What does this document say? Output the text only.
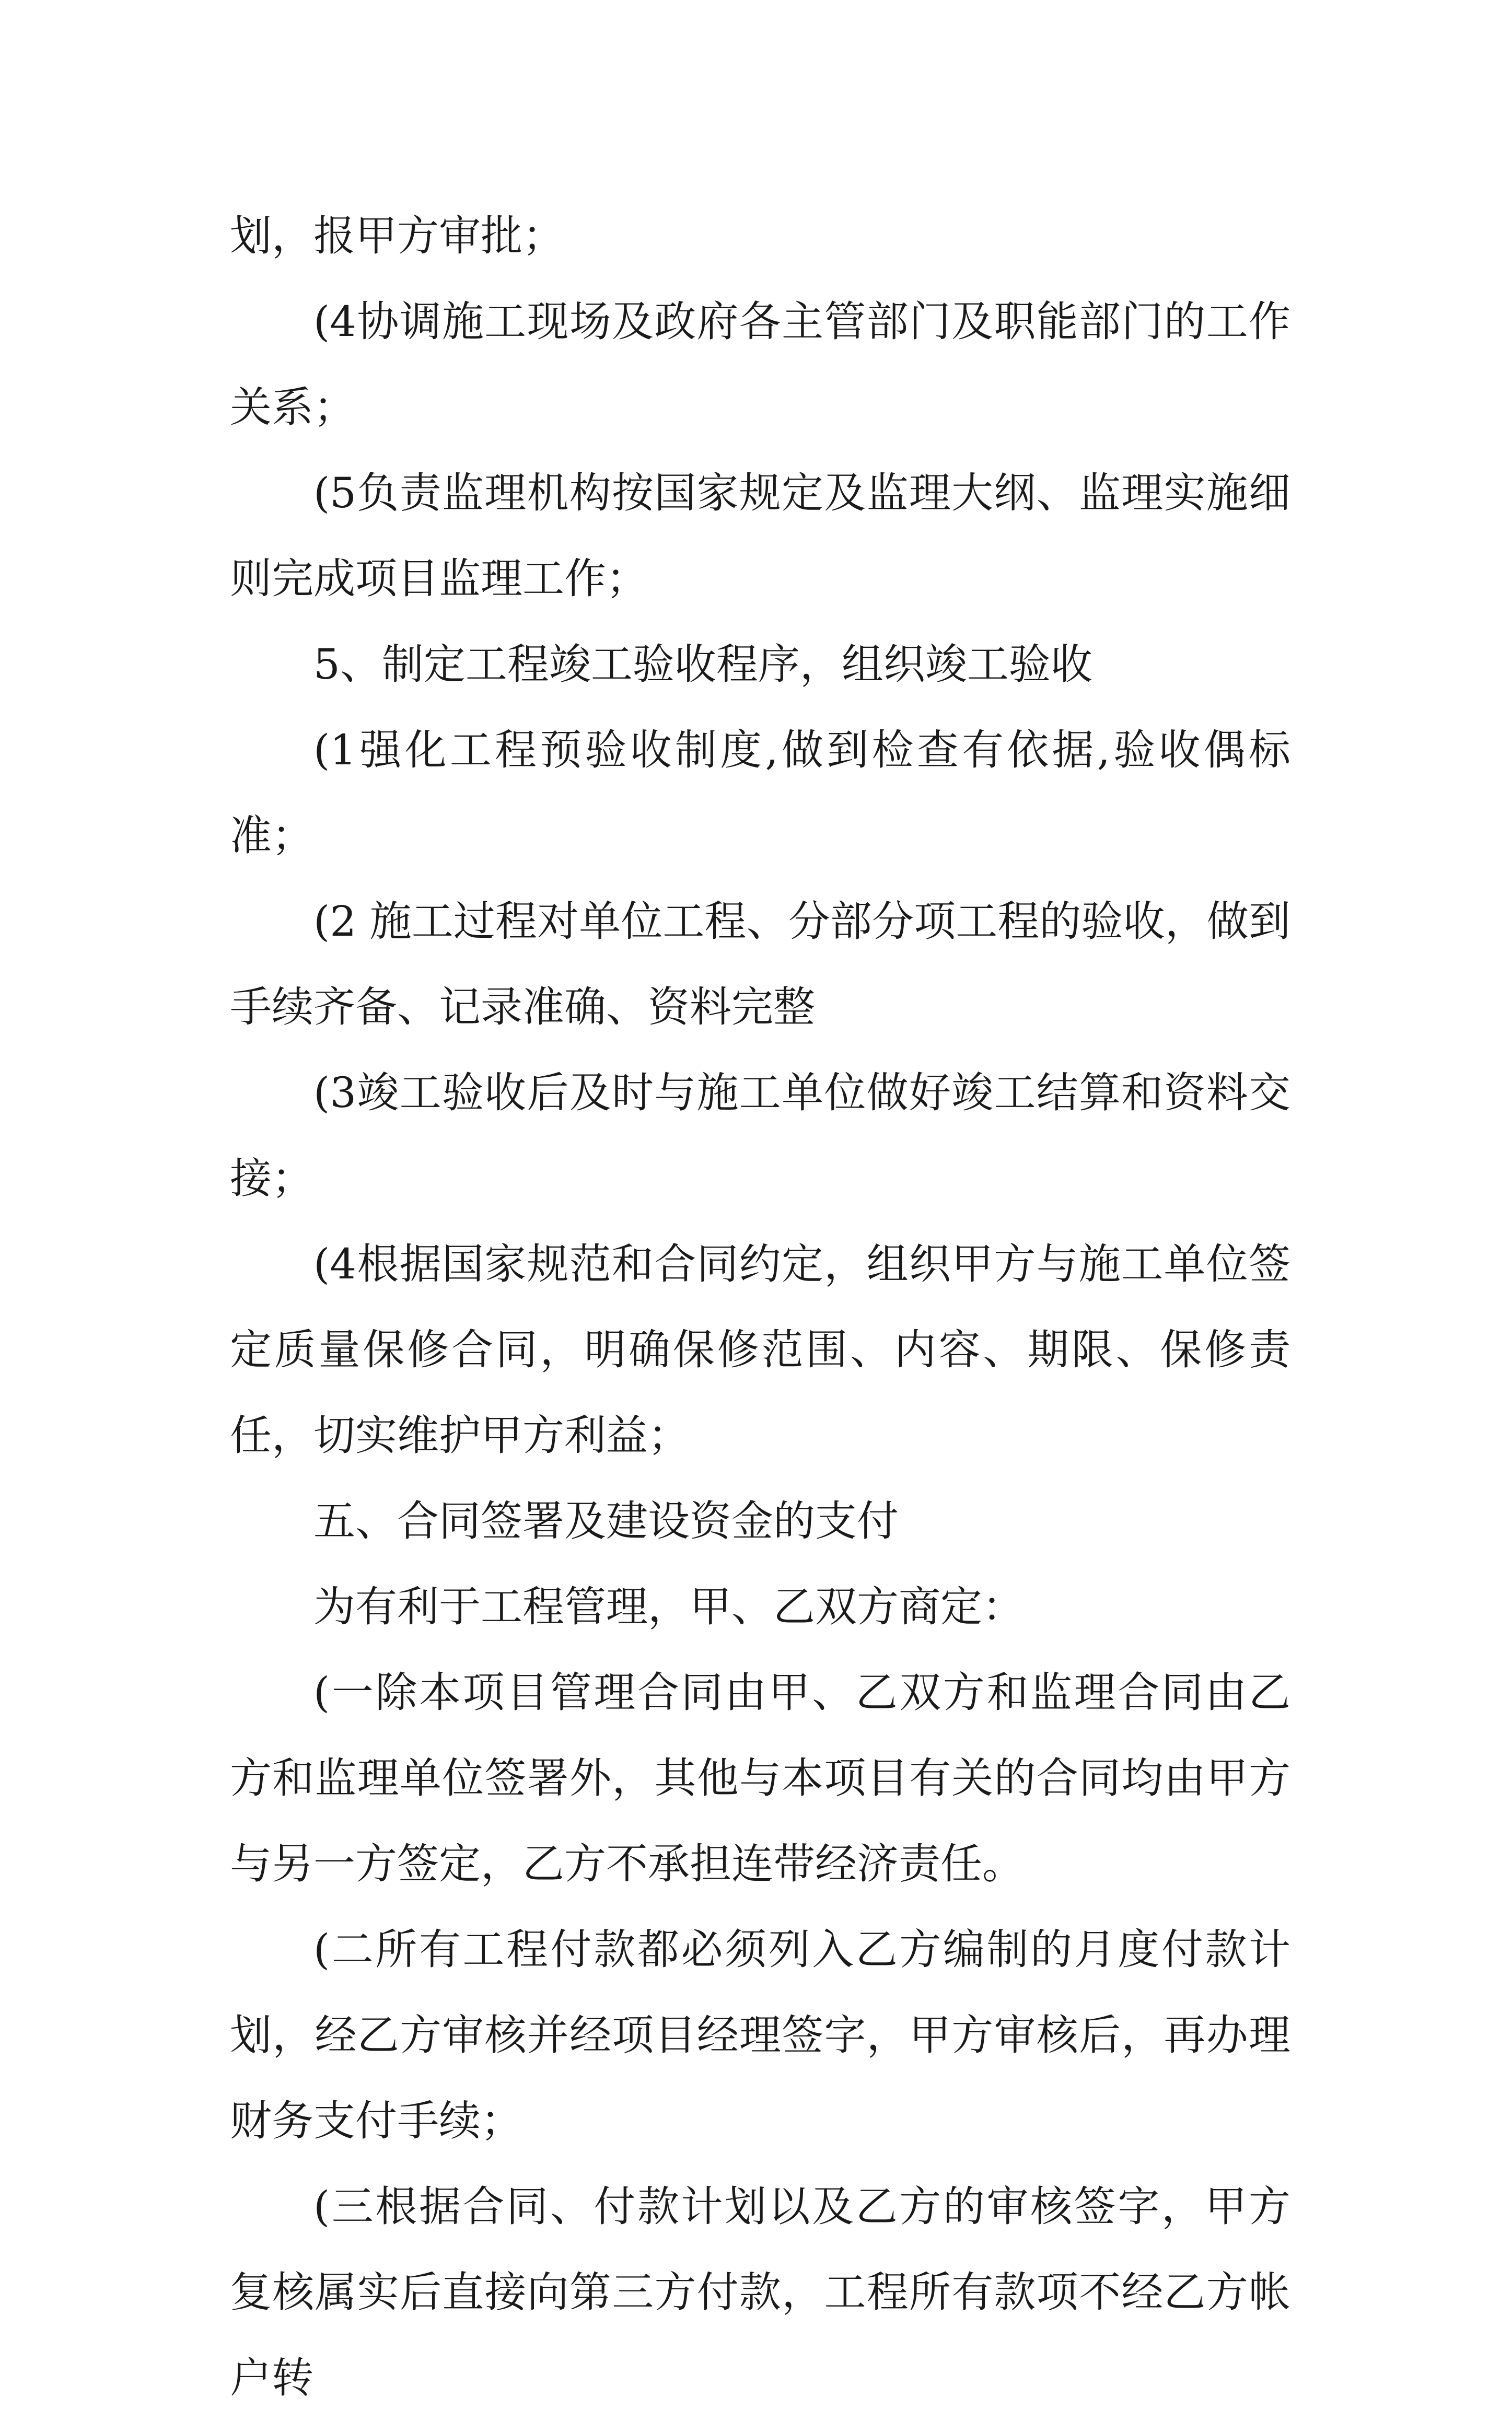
划，报甲方审批；

(4协调施工现场及政府各主管部门及职能部门的工作关系；

(5负责监理机构按国家规定及监理大纲、监理实施细则完成项目监理工作；

5、制定工程竣工验收程序，组织竣工验收

(1强化工程预验收制度,做到检查有依据,验收偶标准；

(2 施工过程对单位工程、分部分项工程的验收，做到手续齐备、记录准确、资料完整

(3竣工验收后及时与施工单位做好竣工结算和资料交接；

(4根据国家规范和合同约定，组织甲方与施工单位签定质量保修合同，明确保修范围、内容、期限、保修责任，切实维护甲方利益；

五、合同签署及建设资金的支付

为有利于工程管理，甲、乙双方商定：

(一除本项目管理合同由甲、乙双方和监理合同由乙方和监理单位签署外，其他与本项目有关的合同均由甲方与另一方签定，乙方不承担连带经济责任。

(二所有工程付款都必须列入乙方编制的月度付款计划，经乙方审核并经项目经理签字，甲方审核后，再办理财务支付手续；

(三根据合同、付款计划以及乙方的审核签字，甲方复核属实后直接向第三方付款，工程所有款项不经乙方帐户转
